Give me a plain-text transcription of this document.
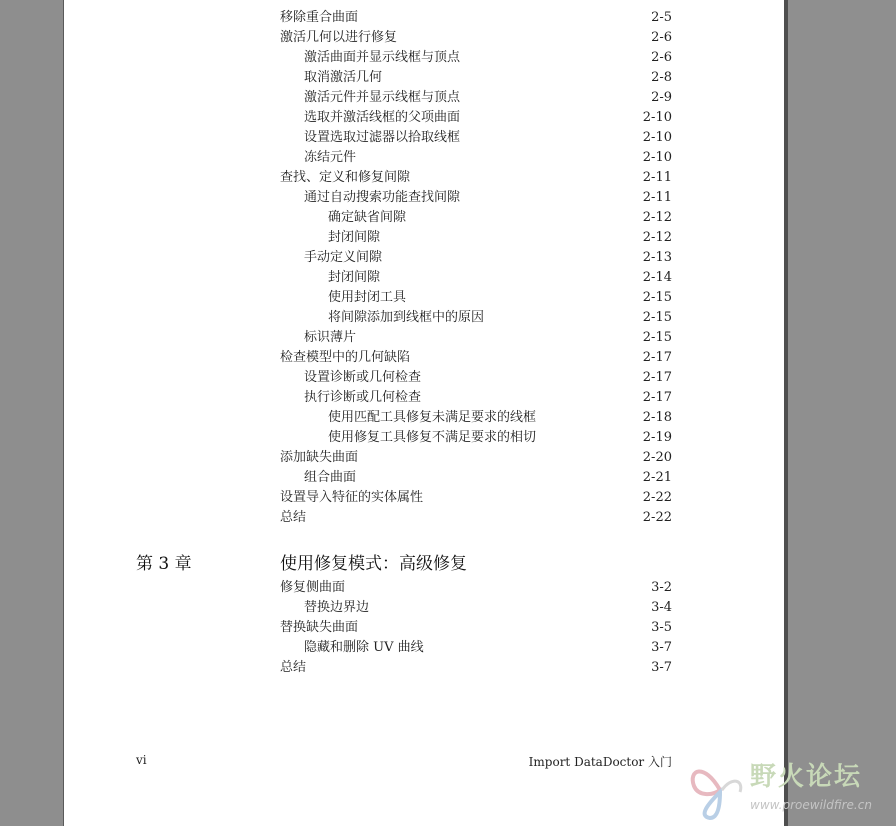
移除重合曲面	2-5
激活几何以进行修复	2-6
激活曲面并显示线框与顶点	2-6
取消激活几何	2-8
激活元件并显示线框与顶点	2-9
选取并激活线框的父项曲面	2-10
设置选取过滤器以拾取线框	2-10
冻结元件	2-10
查找、定义和修复间隙	2-11
通过自动搜索功能查找间隙	2-11
确定缺省间隙	2-12
封闭间隙	2-12
手动定义间隙	2-13
封闭间隙	2-14
使用封闭工具	2-15
将间隙添加到线框中的原因	2-15
标识薄片	2-15
检查模型中的几何缺陷	2-17
设置诊断或几何检查	2-17
执行诊断或几何检查	2-17
使用匹配工具修复未满足要求的线框	2-18
使用修复工具修复不满足要求的相切	2-19
添加缺失曲面	2-20
组合曲面	2-21
设置导入特征的实体属性	2-22
总结	2-22
第 3 章	使用修复模式：高级修复
修复侧曲面	3-2
替换边界边	3-4
替换缺失曲面	3-5
隐藏和删除 UV 曲线	3-7
总结	3-7
vi	Import DataDoctor 入门	野火论坛
www.proewildfire.cn
